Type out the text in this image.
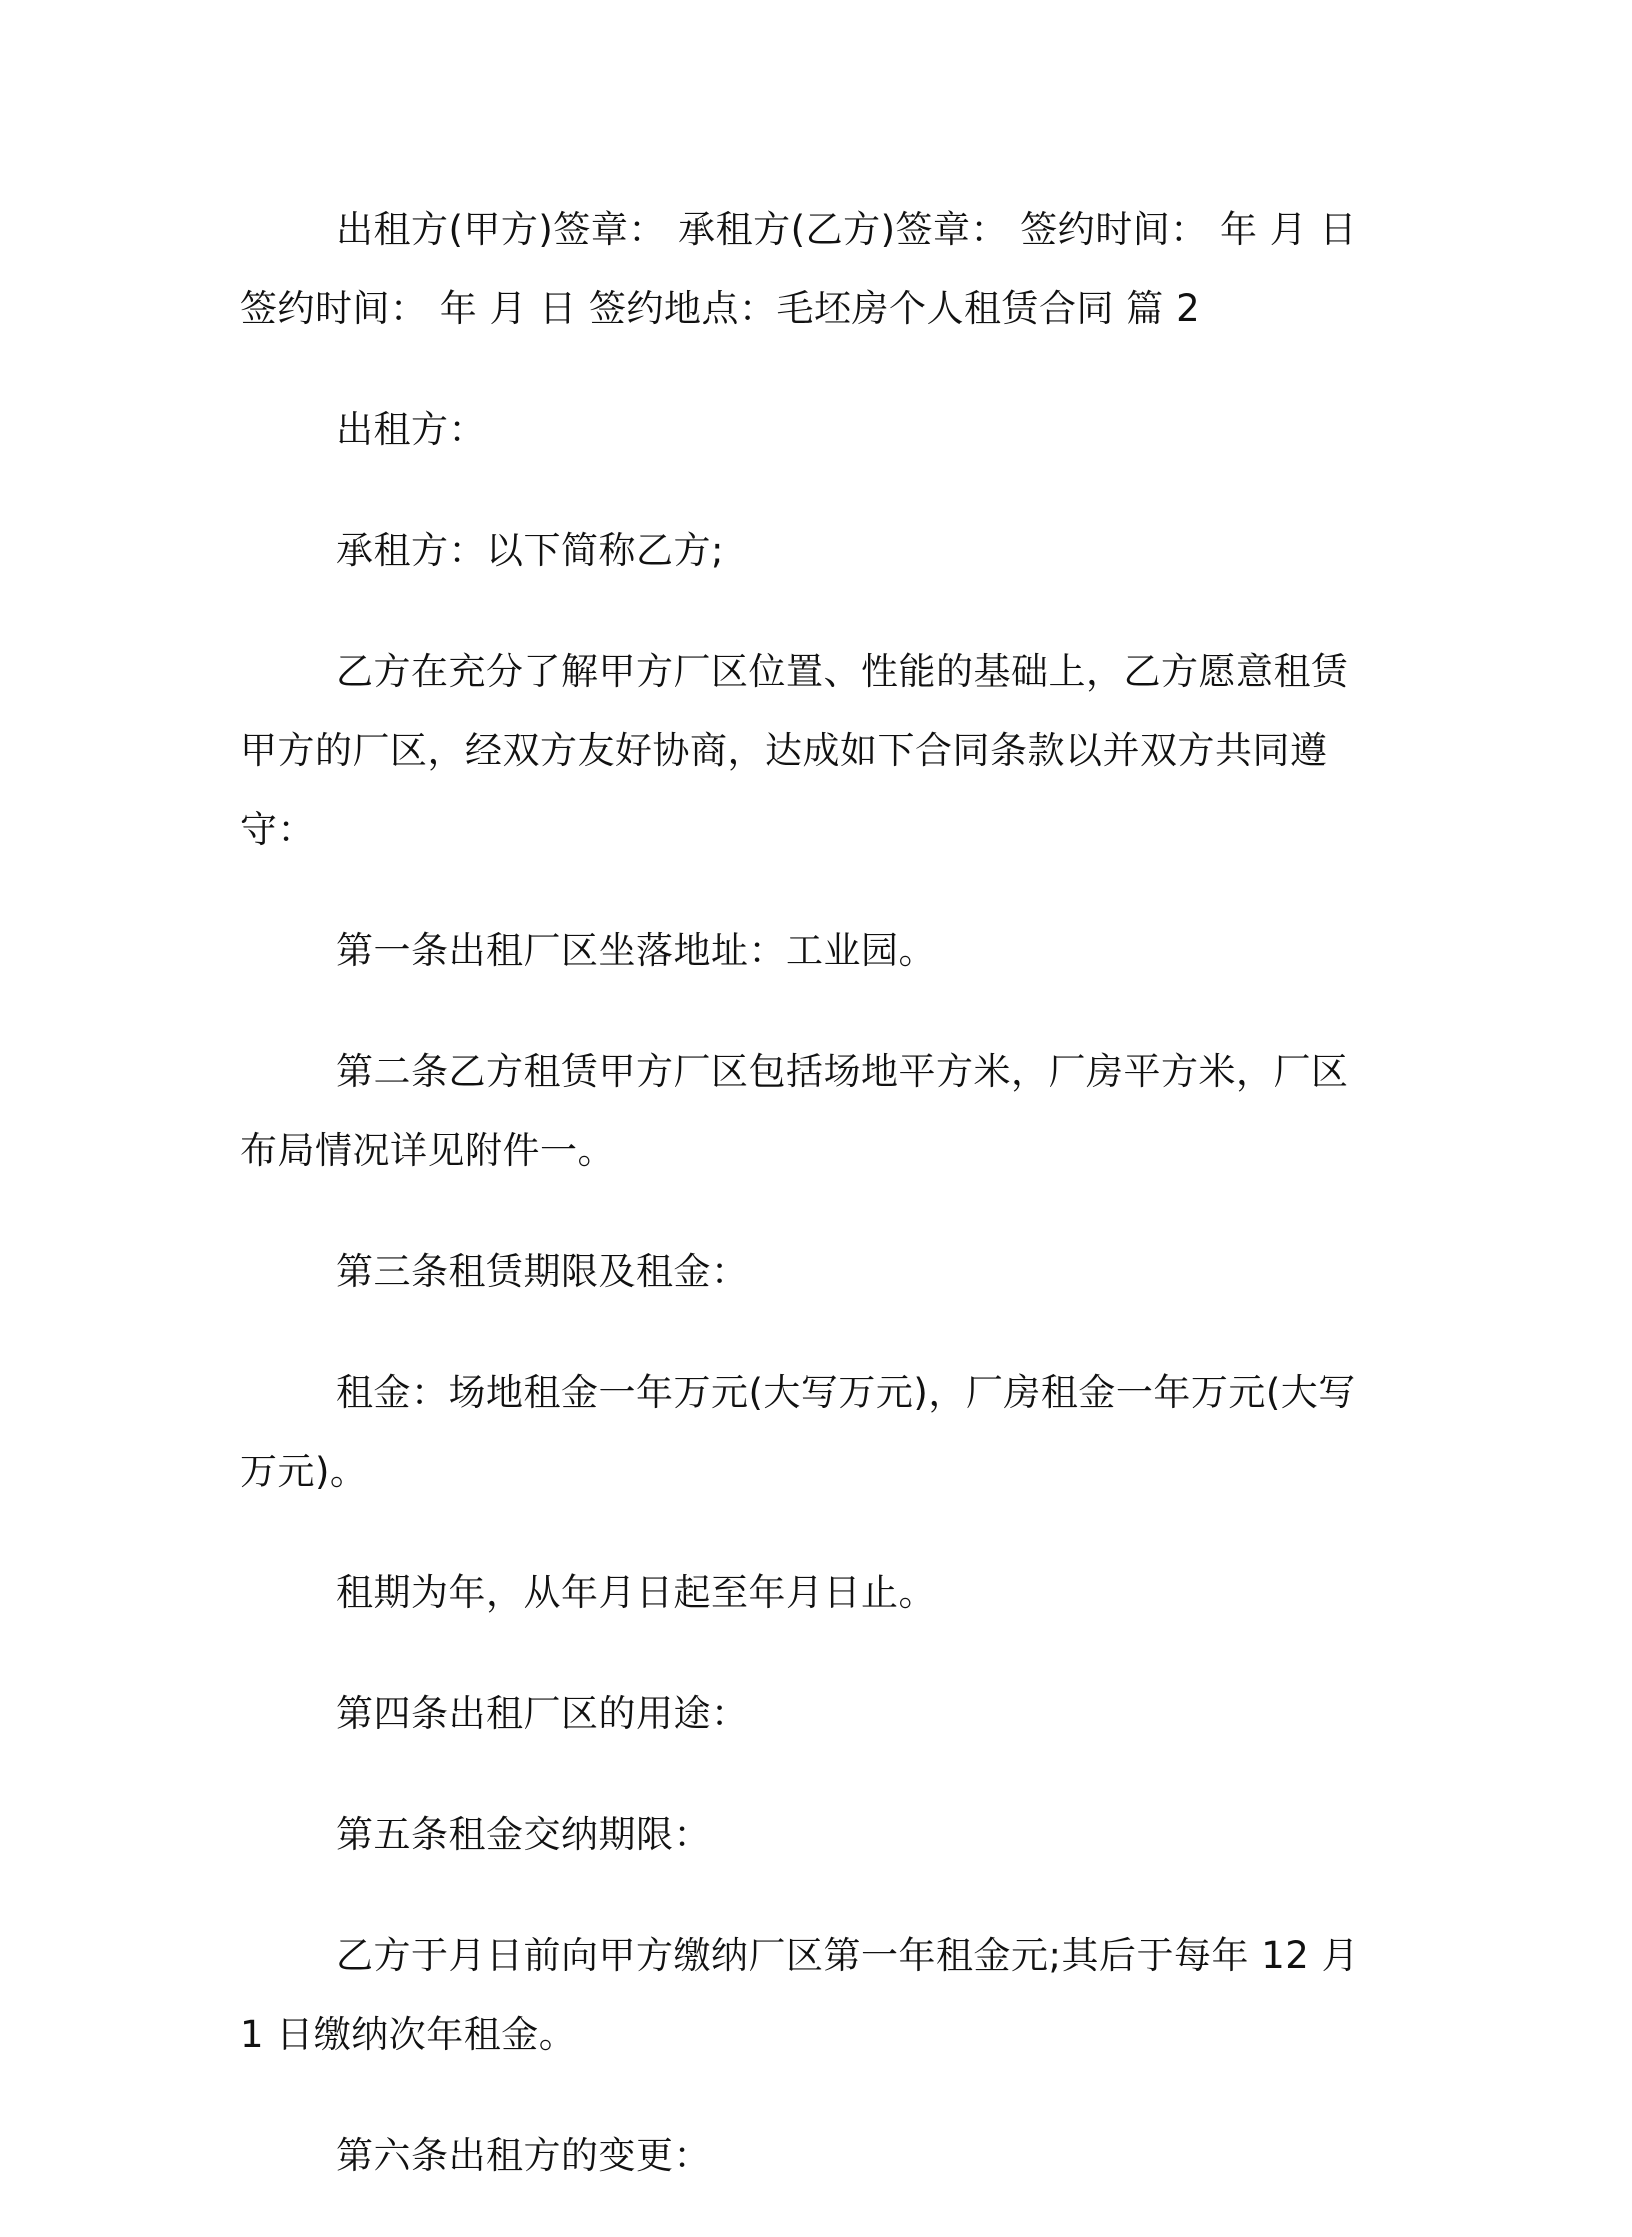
出租方(甲方)签章： 承租方(乙方)签章： 签约时间： 年 月 日 签约时间： 年 月 日 签约地点：毛坯房个人租赁合同 篇 2

出租方：

承租方：以下简称乙方;

乙方在充分了解甲方厂区位置、性能的基础上，乙方愿意租赁甲方的厂区，经双方友好协商，达成如下合同条款以并双方共同遵守：

第一条出租厂区坐落地址：工业园。

第二条乙方租赁甲方厂区包括场地平方米，厂房平方米，厂区布局情况详见附件一。

第三条租赁期限及租金：

租金：场地租金一年万元(大写万元)，厂房租金一年万元(大写万元)。

租期为年，从年月日起至年月日止。

第四条出租厂区的用途：

第五条租金交纳期限：

乙方于月日前向甲方缴纳厂区第一年租金元;其后于每年 12 月 1 日缴纳次年租金。

第六条出租方的变更：
